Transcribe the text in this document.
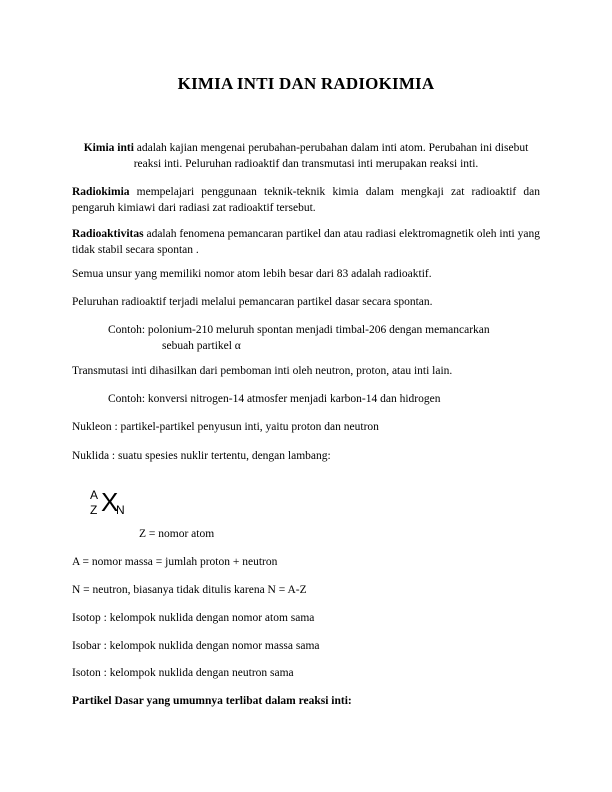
KIMIA INTI DAN RADIOKIMIA
Kimia inti adalah kajian mengenai perubahan-perubahan dalam inti atom. Perubahan ini disebut
reaksi inti. Peluruhan radioaktif dan transmutasi inti merupakan reaksi inti.
Radiokimia mempelajari penggunaan teknik-teknik kimia dalam mengkaji zat radioaktif dan pengaruh kimiawi dari radiasi zat radioaktif tersebut.
Radioaktivitas adalah fenomena pemancaran partikel dan atau radiasi elektromagnetik oleh inti yang tidak stabil secara spontan .
Semua unsur yang memiliki nomor atom lebih besar dari 83 adalah radioaktif.
Peluruhan radioaktif terjadi melalui pemancaran partikel dasar secara spontan.
Contoh: polonium-210 meluruh spontan menjadi timbal-206 dengan memancarkan
sebuah partikel α
Transmutasi inti dihasilkan dari pemboman inti oleh neutron, proton, atau inti lain.
Contoh: konversi nitrogen-14 atmosfer menjadi karbon-14 dan hidrogen
Nukleon : partikel-partikel penyusun inti, yaitu proton dan neutron
Nuklida : suatu spesies nuklir tertentu, dengan lambang:
A
Z X
N
Z = nomor atom
A = nomor massa = jumlah proton + neutron
N = neutron, biasanya tidak ditulis karena N = A-Z
Isotop : kelompok nuklida dengan nomor atom sama
Isobar : kelompok nuklida dengan nomor massa sama
Isoton : kelompok nuklida dengan neutron sama
Partikel Dasar yang umumnya terlibat dalam reaksi inti:
